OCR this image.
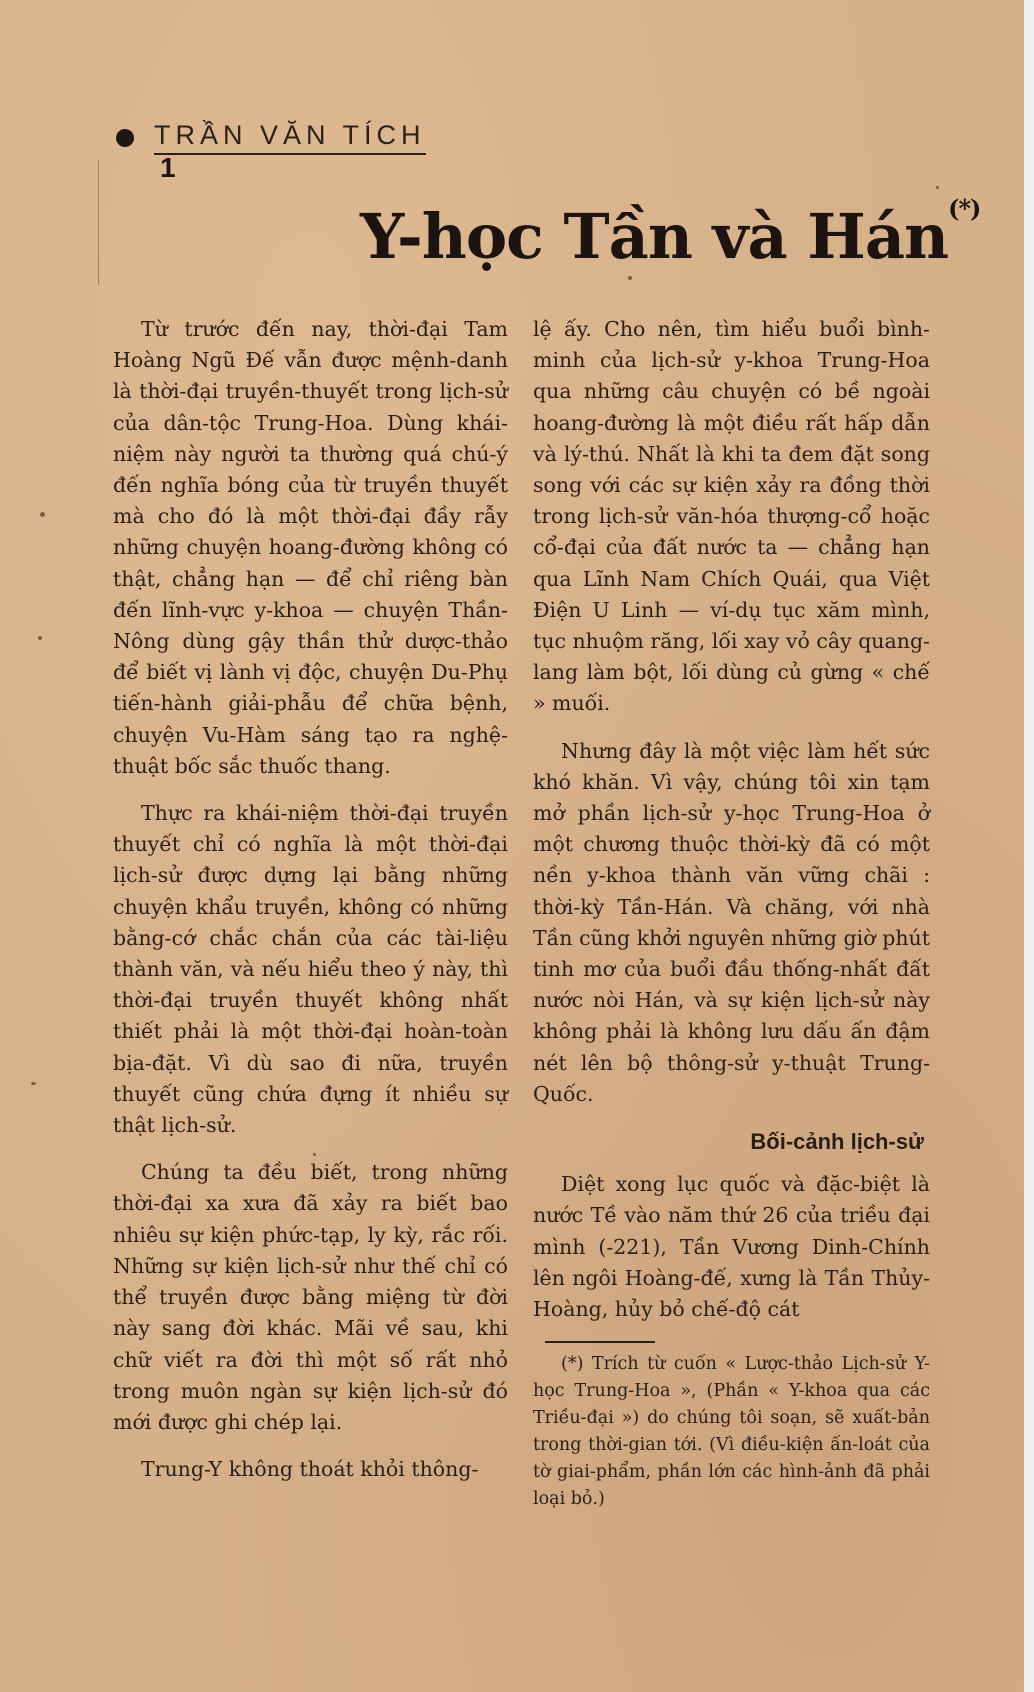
TRẦN VĂN TÍCH
1
Y-học Tần và Hán(*)

Từ trước đến nay, thời-đại Tam Hoàng Ngũ Đế vẫn được mệnh-danh là thời-đại truyền-thuyết trong lịch-sử của dân-tộc Trung-Hoa. Dùng khái-niệm này người ta thường quá chú-ý đến nghĩa bóng của từ truyền thuyết mà cho đó là một thời-đại đầy rẫy những chuyện hoang-đường không có thật, chẳng hạn — để chỉ riêng bàn đến lĩnh-vực y-khoa — chuyện Thần-Nông dùng gậy thần thử dược-thảo để biết vị lành vị độc, chuyện Du-Phụ tiến-hành giải-phẫu để chữa bệnh, chuyện Vu-Hàm sáng tạo ra nghệ-thuật bốc sắc thuốc thang.

Thực ra khái-niệm thời-đại truyền thuyết chỉ có nghĩa là một thời-đại lịch-sử được dựng lại bằng những chuyện khẩu truyền, không có những bằng-cớ chắc chắn của các tài-liệu thành văn, và nếu hiểu theo ý này, thì thời-đại truyền thuyết không nhất thiết phải là một thời-đại hoàn-toàn bịa-đặt. Vì dù sao đi nữa, truyền thuyết cũng chứa đựng ít nhiều sự thật lịch-sử.

Chúng ta đều biết, trong những thời-đại xa xưa đã xảy ra biết bao nhiêu sự kiện phức-tạp, ly kỳ, rắc rối. Những sự kiện lịch-sử như thế chỉ có thể truyền được bằng miệng từ đời này sang đời khác. Mãi về sau, khi chữ viết ra đời thì một số rất nhỏ trong muôn ngàn sự kiện lịch-sử đó mới được ghi chép lại.

Trung-Y không thoát khỏi thông-

lệ ấy. Cho nên, tìm hiểu buổi bình-minh của lịch-sử y-khoa Trung-Hoa qua những câu chuyện có bề ngoài hoang-đường là một điều rất hấp dẫn và lý-thú. Nhất là khi ta đem đặt song song với các sự kiện xảy ra đồng thời trong lịch-sử văn-hóa thượng-cổ hoặc cổ-đại của đất nước ta — chẳng hạn qua Lĩnh Nam Chích Quái, qua Việt Điện U Linh — ví-dụ tục xăm mình, tục nhuộm răng, lối xay vỏ cây quang-lang làm bột, lối dùng củ gừng « chế » muối.

Nhưng đây là một việc làm hết sức khó khăn. Vì vậy, chúng tôi xin tạm mở phần lịch-sử y-học Trung-Hoa ở một chương thuộc thời-kỳ đã có một nền y-khoa thành văn vững chãi : thời-kỳ Tần-Hán. Và chăng, với nhà Tần cũng khởi nguyên những giờ phút tinh mơ của buổi đầu thống-nhất đất nước nòi Hán, và sự kiện lịch-sử này không phải là không lưu dấu ấn đậm nét lên bộ thông-sử y-thuật Trung-Quốc.

Bối-cảnh lịch-sử

Diệt xong lục quốc và đặc-biệt là nước Tề vào năm thứ 26 của triều đại mình (-221), Tần Vương Dinh-Chính lên ngôi Hoàng-đế, xưng là Tần Thủy-Hoàng, hủy bỏ chế-độ cát

(*) Trích từ cuốn « Lược-thảo Lịch-sử Y-học Trung-Hoa », (Phần « Y-khoa qua các Triều-đại ») do chúng tôi soạn, sẽ xuất-bản trong thời-gian tới. (Vì điều-kiện ấn-loát của tờ giai-phẩm, phần lớn các hình-ảnh đã phải loại bỏ.)
